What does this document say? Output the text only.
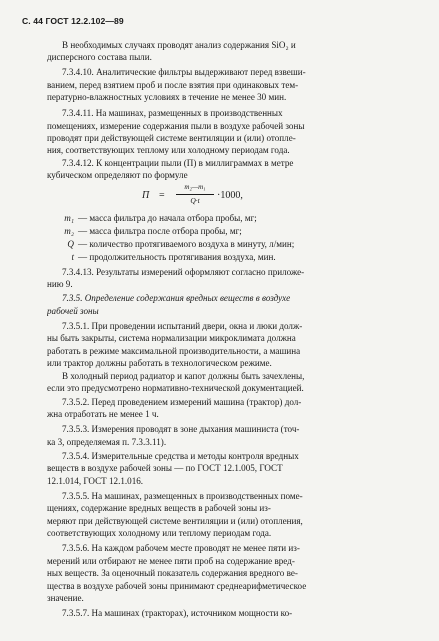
С. 44 ГОСТ 12.2.102—89
В необходимых случаях проводят анализ содержания SiO₂ и
дисперсного состава пыли.
7.3.4.10. Аналитические фильтры выдерживают перед взвеши-
ванием, перед взятием проб и после взятия при одинаковых тем-
пературно-влажностных условиях в течение не менее 30 мин.
7.3.4.11. На машинах, размещенных в производственных
помещениях, измерение содержания пыли в воздухе рабочей зоны
проводят при действующей системе вентиляции и (или) отопле-
ния, соответствующих теплому или холодному периодам года.
7.3.4.12. К концентрации пыли (П) в миллиграммах в метре
кубическом определяют по формуле
П =
m₂—m₁
Q·t	·1000,
m₁ — масса фильтра до начала отбора пробы, мг;
m₂ — масса фильтра после отбора пробы, мг;
Q — количество протягиваемого воздуха в минуту, л/мин;
t — продолжительность протягивания воздуха, мин.
7.3.4.13. Результаты измерений оформляют согласно приложе-
нию 9.
7.3.5. Определение содержания вредных веществ в воздухе
рабочей зоны
7.3.5.1. При проведении испытаний двери, окна и люки долж-
ны быть закрыты, система нормализации микроклимата должна
работать в режиме максимальной производительности, а машина
или трактор должны работать в технологическом режиме.
В холодный период радиатор и капот должны быть зачехлены,
если это предусмотрено нормативно-технической документацией.
7.3.5.2. Перед проведением измерений машина (трактор) дол-
жна отработать не менее 1 ч.
7.3.5.3. Измерения проводят в зоне дыхания машиниста (точ-
ка 3, определяемая п. 7.3.3.11).
7.3.5.4. Измерительные средства и методы контроля вредных
веществ в воздухе рабочей зоны — по ГОСТ 12.1.005, ГОСТ
12.1.014, ГОСТ 12.1.016.
7.3.5.5. На машинах, размещенных в производственных поме-
щениях, содержание вредных веществ в рабочей зоны из-
меряют при действующей системе вентиляции и (или) отопления,
соответствующих холодному или теплому периодам года.
7.3.5.6. На каждом рабочем месте проводят не менее пяти из-
мерений или отбирают не менее пяти проб на содержание вред-
ных веществ. За оценочный показатель содержания вредного ве-
щества в воздухе рабочей зоны принимают среднеарифметическое
значение.
7.3.5.7. На машинах (тракторах), источником мощности ко-
